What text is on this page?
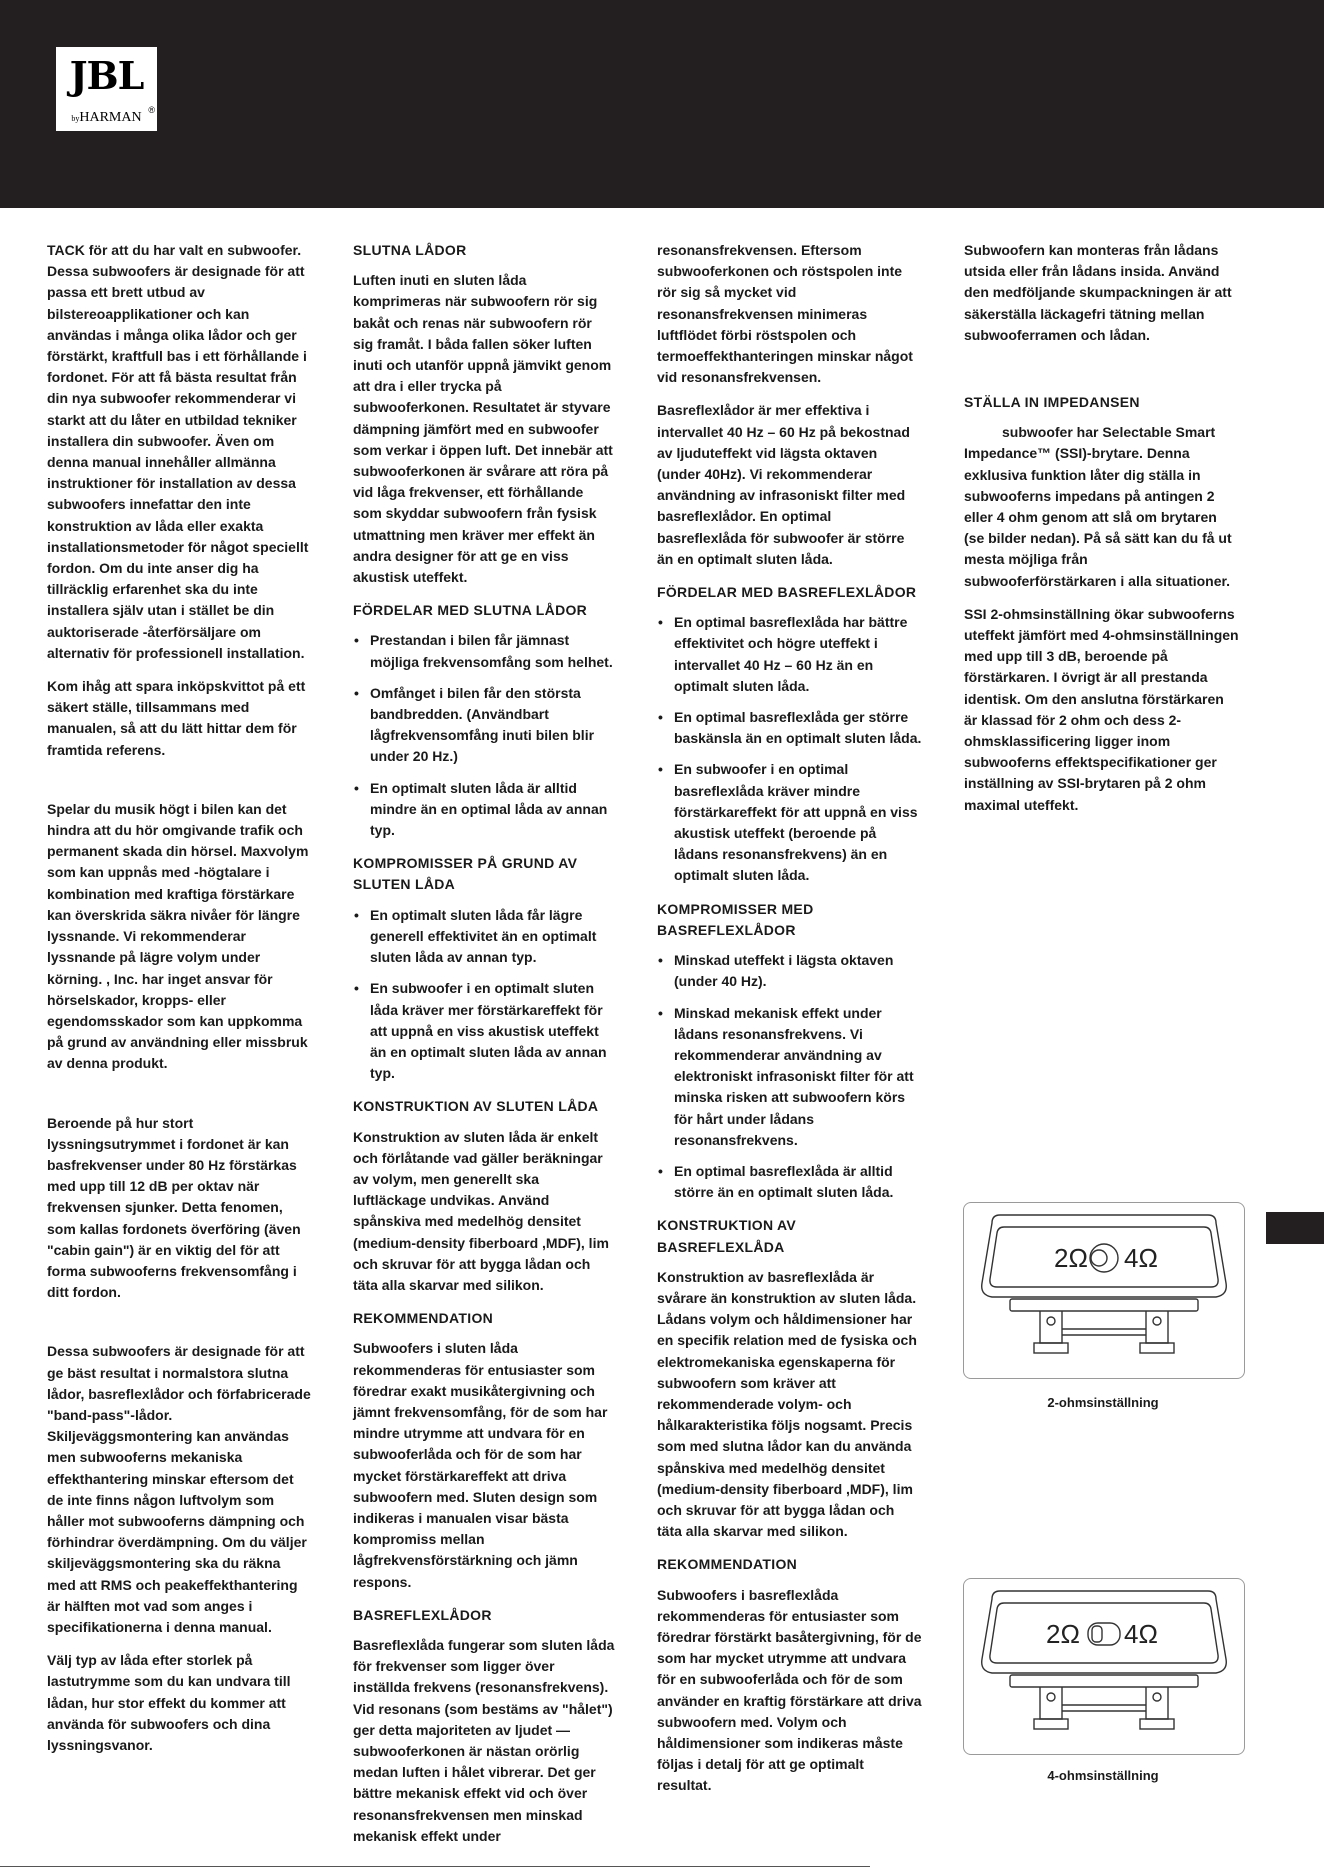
JBL
®
byHARMAN

TACK för att du har valt en subwoofer. Dessa subwoofers är designade för att passa ett brett utbud av bilstereoapplikationer och kan användas i många olika lådor och ger förstärkt, kraftfull bas i ett förhållande i fordonet. För att få bästa resultat från din nya subwoofer rekommenderar vi starkt att du låter en utbildad tekniker installera din subwoofer. Även om denna manual innehåller allmänna instruktioner för installation av dessa subwoofers innefattar den inte konstruktion av låda eller exakta installationsmetoder för något speciellt fordon. Om du inte anser dig ha tillräcklig erfarenhet ska du inte installera själv utan i stället be din auktoriserade -återförsäljare om alternativ för professionell installation.

Kom ihåg att spara inköpskvittot på ett säkert ställe, tillsammans med manualen, så att du lätt hittar dem för framtida referens.

Spelar du musik högt i bilen kan det hindra att du hör omgivande trafik och permanent skada din hörsel. Maxvolym som kan uppnås med -högtalare i kombination med kraftiga förstärkare kan överskrida säkra nivåer för längre lyssnande. Vi rekommenderar lyssnande på lägre volym under körning. , Inc. har inget ansvar för hörselskador, kropps- eller egendomsskador som kan uppkomma på grund av användning eller missbruk av denna produkt.

Beroende på hur stort lyssningsutrymmet i fordonet är kan basfrekvenser under 80 Hz förstärkas med upp till 12 dB per oktav när frekvensen sjunker. Detta fenomen, som kallas fordonets överföring (även "cabin gain") är en viktig del för att forma subwooferns frekvensomfång i ditt fordon.

Dessa subwoofers är designade för att ge bäst resultat i normalstora slutna lådor, basreflexlådor och förfabricerade "band-pass"-lådor. Skiljeväggsmontering kan användas men subwooferns mekaniska effekthantering minskar eftersom det de inte finns någon luftvolym som håller mot subwooferns dämpning och förhindrar överdämpning. Om du väljer skiljeväggsmontering ska du räkna med att RMS och peakeffekthantering är hälften mot vad som anges i specifikationerna i denna manual.

Välj typ av låda efter storlek på lastutrymme som du kan undvara till lådan, hur stor effekt du kommer att använda för subwoofers och dina lyssningsvanor.

SLUTNA LÅDOR

Luften inuti en sluten låda komprimeras när subwoofern rör sig bakåt och renas när subwoofern rör sig framåt. I båda fallen söker luften inuti och utanför uppnå jämvikt genom att dra i eller trycka på subwooferkonen. Resultatet är styvare dämpning jämfört med en subwoofer som verkar i öppen luft. Det innebär att subwooferkonen är svårare att röra på vid låga frekvenser, ett förhållande som skyddar subwoofern från fysisk utmattning men kräver mer effekt än andra designer för att ge en viss akustisk uteffekt.

FÖRDELAR MED SLUTNA LÅDOR
• Prestandan i bilen får jämnast möjliga frekvensomfång som helhet.
• Omfånget i bilen får den största bandbredden. (Användbart lågfrekvensomfång inuti bilen blir under 20 Hz.)
• En optimalt sluten låda är alltid mindre än en optimal låda av annan typ.
KOMPROMISSER PÅ GRUND AV SLUTEN LÅDA
• En optimalt sluten låda får lägre generell effektivitet än en optimalt sluten låda av annan typ.
• En subwoofer i en optimalt sluten låda kräver mer förstärkareffekt för att uppnå en viss akustisk uteffekt än en optimalt sluten låda av annan typ.
KONSTRUKTION AV SLUTEN LÅDA

Konstruktion av sluten låda är enkelt och förlåtande vad gäller beräkningar av volym, men generellt ska luftläckage undvikas. Använd spånskiva med medelhög densitet (medium-density fiberboard ,MDF), lim och skruvar för att bygga lådan och täta alla skarvar med silikon.

REKOMMENDATION

Subwoofers i sluten låda rekommenderas för entusiaster som föredrar exakt musikåtergivning och jämnt frekvensomfång, för de som har mindre utrymme att undvara för en subwooferlåda och för de som har mycket förstärkareffekt att driva subwoofern med. Sluten design som indikeras i manualen visar bästa kompromiss mellan lågfrekvensförstärkning och jämn respons.

BASREFLEXLÅDOR

Basreflexlåda fungerar som sluten låda för frekvenser som ligger över inställda frekvens (resonansfrekvens). Vid resonans (som bestäms av "hålet") ger detta majoriteten av ljudet — subwooferkonen är nästan orörlig medan luften i hålet vibrerar. Det ger bättre mekanisk effekt vid och över resonansfrekvensen men minskad mekanisk effekt under

resonansfrekvensen. Eftersom subwooferkonen och röstspolen inte rör sig så mycket vid resonansfrekvensen minimeras luftflödet förbi röstspolen och termoeffekthanteringen minskar något vid resonansfrekvensen.

Basreflexlådor är mer effektiva i intervallet 40 Hz – 60 Hz på bekostnad av ljuduteffekt vid lägsta oktaven (under 40Hz). Vi rekommenderar användning av infrasoniskt filter med basreflexlådor. En optimal basreflexlåda för subwoofer är större än en optimalt sluten låda.

FÖRDELAR MED BASREFLEXLÅDOR
• En optimal basreflexlåda har bättre effektivitet och högre uteffekt i intervallet 40 Hz – 60 Hz än en optimalt sluten låda.
• En optimal basreflexlåda ger större baskänsla än en optimalt sluten låda.
• En subwoofer i en optimal basreflexlåda kräver mindre förstärkareffekt för att uppnå en viss akustisk uteffekt (beroende på lådans resonansfrekvens) än en optimalt sluten låda.
KOMPROMISSER MED BASREFLEXLÅDOR
• Minskad uteffekt i lägsta oktaven (under 40 Hz).
• Minskad mekanisk effekt under lådans resonansfrekvens. Vi rekommenderar användning av elektroniskt infrasoniskt filter för att minska risken att subwoofern körs för hårt under lådans resonansfrekvens.
• En optimal basreflexlåda är alltid större än en optimalt sluten låda.
KONSTRUKTION AV BASREFLEXLÅDA

Konstruktion av basreflexlåda är svårare än konstruktion av sluten låda. Lådans volym och håldimensioner har en specifik relation med de fysiska och elektromekaniska egenskaperna för subwoofern som kräver att rekommenderade volym- och hålkarakteristika följs nogsamt. Precis som med slutna lådor kan du använda spånskiva med medelhög densitet (medium-density fiberboard ,MDF), lim och skruvar för att bygga lådan och täta alla skarvar med silikon.

REKOMMENDATION

Subwoofers i basreflexlåda rekommenderas för entusiaster som föredrar förstärkt basåtergivning, för de som har mycket utrymme att undvara för en subwooferlåda och för de som använder en kraftig förstärkare att driva subwoofern med. Volym och håldimensioner som indikeras måste följas i detalj för att ge optimalt resultat.

Subwoofern kan monteras från lådans utsida eller från lådans insida. Använd den medföljande skumpackningen är att säkerställa läckagefri tätning mellan subwooferramen och lådan.

STÄLLA IN IMPEDANSEN

subwoofer har Selectable Smart Impedance™ (SSI)-brytare. Denna exklusiva funktion låter dig ställa in subwooferns impedans på antingen 2 eller 4 ohm genom att slå om brytaren (se bilder nedan). På så sätt kan du få ut mesta möjliga från subwooferförstärkaren i alla situationer.

SSI 2-ohmsinställning ökar subwooferns uteffekt jämfört med 4-ohmsinställningen med upp till 3 dB, beroende på förstärkaren. I övrigt är all prestanda identisk. Om den anslutna förstärkaren är klassad för 2 ohm och dess 2-ohmsklassificering ligger inom subwooferns effektspecifikationer ger inställning av SSI-brytaren på 2 ohm maximal uteffekt.

2Ω 4Ω
2-ohmsinställning
2Ω 4Ω
4-ohmsinställning
